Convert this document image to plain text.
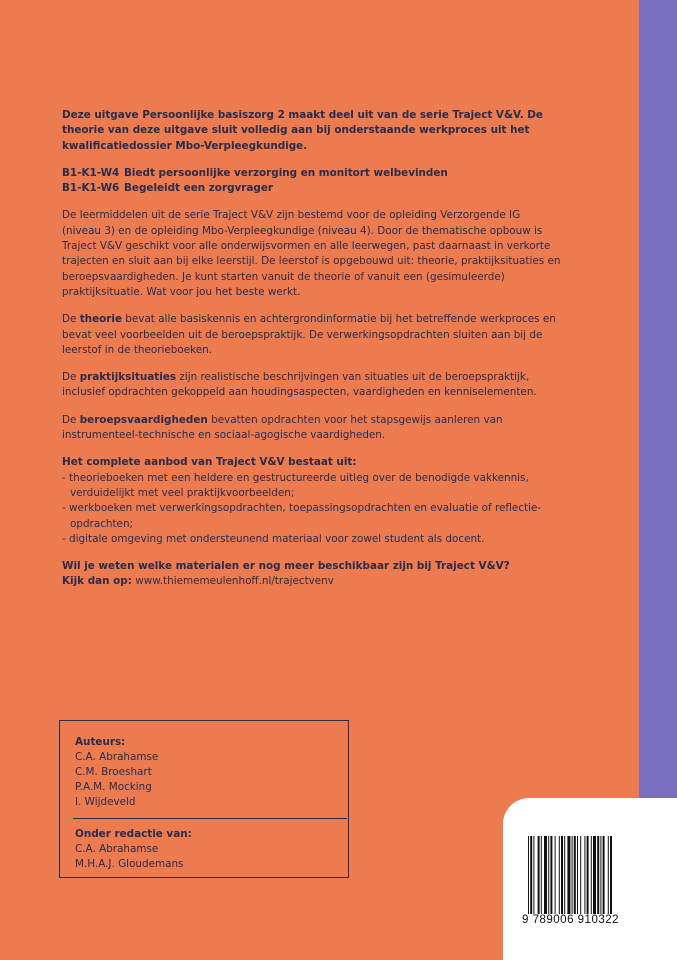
Deze uitgave Persoonlijke basiszorg 2 maakt deel uit van de serie Traject V&V. De theorie van deze uitgave sluit volledig aan bij onderstaande werkproces uit het kwalificatiedossier Mbo-Verpleegkundige.

B1-K1-W4 Biedt persoonlijke verzorging en monitort welbevinden
B1-K1-W6 Begeleidt een zorgvrager

De leermiddelen uit de serie Traject V&V zijn bestemd voor de opleiding Verzorgende IG (niveau 3) en de opleiding Mbo-Verpleegkundige (niveau 4). Door de thematische opbouw is Traject V&V geschikt voor alle onderwijsvormen en alle leerwegen, past daarnaast in verkorte trajecten en sluit aan bij elke leerstijl. De leerstof is opgebouwd uit: theorie, praktijksituaties en beroepsvaardigheden. Je kunt starten vanuit de theorie of vanuit een (gesimuleerde) praktijksituatie. Wat voor jou het beste werkt.

De theorie bevat alle basiskennis en achtergrondinformatie bij het betreffende werkproces en bevat veel voorbeelden uit de beroepspraktijk. De verwerkingsopdrachten sluiten aan bij de leerstof in de theorieboeken.

De praktijksituaties zijn realistische beschrijvingen van situaties uit de beroepspraktijk, inclusief opdrachten gekoppeld aan houdingsaspecten, vaardigheden en kenniselementen.

De beroepsvaardigheden bevatten opdrachten voor het stapsgewijs aanleren van instrumenteel-technische en sociaal-agogische vaardigheden.

Het complete aanbod van Traject V&V bestaat uit:
- theorieboeken met een heldere en gestructureerde uitleg over de benodigde vakkennis, verduidelijkt met veel praktijkvoorbeelden;
- werkboeken met verwerkingsopdrachten, toepassingsopdrachten en evaluatie of reflectie-opdrachten;
- digitale omgeving met ondersteunend materiaal voor zowel student als docent.
Wil je weten welke materialen er nog meer beschikbaar zijn bij Traject V&V?
Kijk dan op: www.thiememeulenhoff.nl/trajectvenv
Auteurs:
C.A. Abrahamse
C.M. Broeshart
P.A.M. Mocking
I. Wijdeveld
Onder redactie van:
C.A. Abrahamse
M.H.A.J. Gloudemans
9 789006 910322
